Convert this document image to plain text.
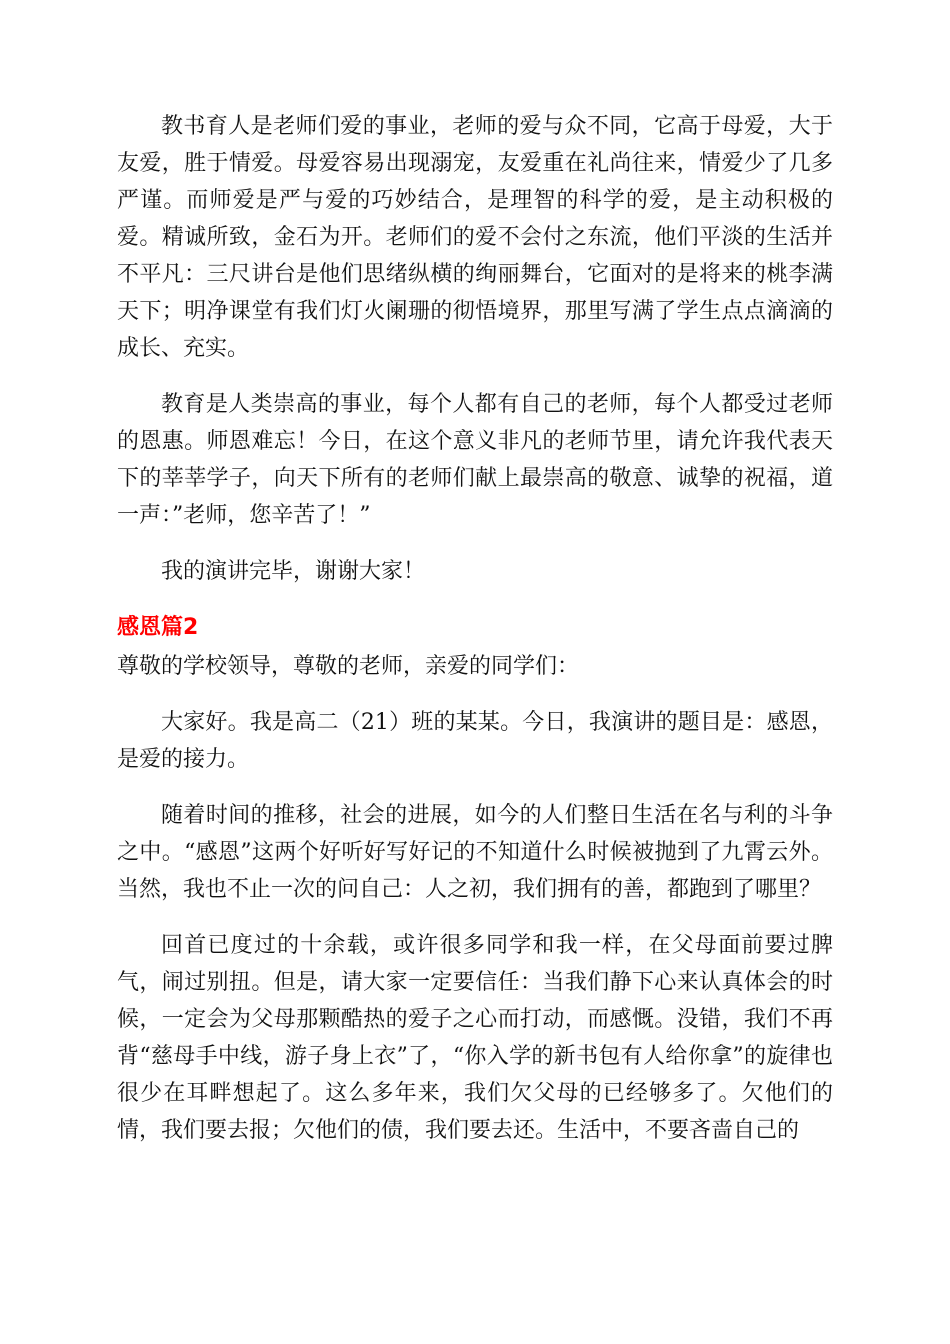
教书育人是老师们爱的事业，老师的爱与众不同，它高于母爱，大于友爱，胜于情爱。母爱容易出现溺宠，友爱重在礼尚往来，情爱少了几多严谨。而师爱是严与爱的巧妙结合，是理智的科学的爱，是主动积极的爱。精诚所致，金石为开。老师们的爱不会付之东流，他们平淡的生活并不平凡：三尺讲台是他们思绪纵横的绚丽舞台，它面对的是将来的桃李满天下；明净课堂有我们灯火阑珊的彻悟境界，那里写满了学生点点滴滴的成长、充实。

教育是人类崇高的事业，每个人都有自己的老师，每个人都受过老师的恩惠。师恩难忘！今日，在这个意义非凡的老师节里，请允许我代表天下的莘莘学子，向天下所有的老师们献上最崇高的敬意、诚挚的祝福，道一声：”老师，您辛苦了！”

我的演讲完毕，谢谢大家！

感恩篇2

尊敬的学校领导，尊敬的老师，亲爱的同学们：

大家好。我是高二（21）班的某某。今日，我演讲的题目是：感恩，是爱的接力。

随着时间的推移，社会的进展，如今的人们整日生活在名与利的斗争之中。“感恩”这两个好听好写好记的不知道什么时候被抛到了九霄云外。当然，我也不止一次的问自己：人之初，我们拥有的善，都跑到了哪里？

回首已度过的十余载，或许很多同学和我一样，在父母面前要过脾气，闹过别扭。但是，请大家一定要信任：当我们静下心来认真体会的时候，一定会为父母那颗酷热的爱子之心而打动，而感慨。没错，我们不再背“慈母手中线，游子身上衣”了，“你入学的新书包有人给你拿”的旋律也很少在耳畔想起了。这么多年来，我们欠父母的已经够多了。欠他们的情，我们要去报；欠他们的债，我们要去还。生活中，不要吝啬自己的
